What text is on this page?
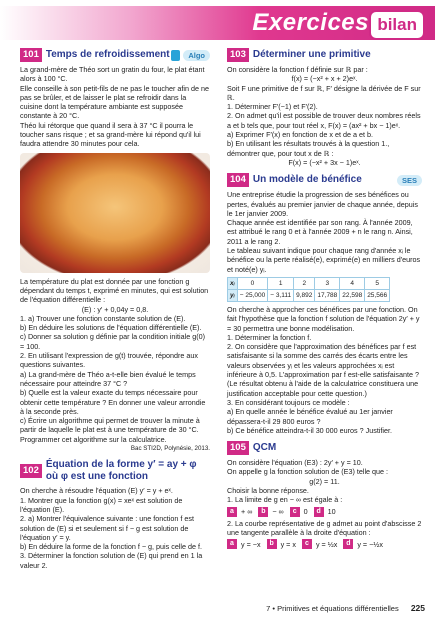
Exercices bilan
101 Temps de refroidissement	Algo

La grand-mère de Théo sort un gratin du four, le plat étant alors à 100 °C.

Elle conseille à son petit-fils de ne pas le toucher afin de ne pas se brûler, et de laisser le plat se refroidir dans la cuisine dont la température ambiante est supposée constante à 20 °C.

Théo lui rétorque que quand il sera à 37 °C il pourra le toucher sans risque ; et sa grand-mère lui répond qu'il lui faudra attendre 30 minutes pour cela.

La température du plat est donnée par une fonction g dépendant du temps t, exprimé en minutes, qui est solution de l'équation différentielle :

(E) : y′ + 0,04y = 0,8.

1. a) Trouver une fonction constante solution de (E).

b) En déduire les solutions de l'équation différentielle (E).

c) Donner sa solution g définie par la condition initiale g(0) = 100.

2. En utilisant l'expression de g(t) trouvée, répondre aux questions suivantes.

a) La grand-mère de Théo a-t-elle bien évalué le temps nécessaire pour atteindre 37 °C ?

b) Quelle est la valeur exacte du temps nécessaire pour obtenir cette température ? En donner une valeur arrondie à la seconde près.

c) Écrire un algorithme qui permet de trouver la minute à partir de laquelle le plat est à une température de 30 °C. Programmer cet algorithme sur la calculatrice.

Bac STI2D, Polynésie, 2013.

102
Équation de la forme y′ = ay + φ où φ est une fonction

On cherche à résoudre l'équation (E) y′ = y + eˣ.

1. Montrer que la fonction g(x) = xeˣ est solution de l'équation (E).

2. a) Montrer l'équivalence suivante : une fonction f est solution de (E) si et seulement si f − g est solution de l'équation y′ = y.

b) En déduire la forme de la fonction f − g, puis celle de f.

3. Déterminer la fonction solution de (E) qui prend en 1 la valeur 2.

103 Déterminer une primitive

On considère la fonction f définie sur ℝ par :

f(x) = (−x² + x + 2)eˣ.

Soit F une primitive de f sur ℝ, F′ désigne la dérivée de F sur ℝ.

1. Déterminer F′(−1) et F′(2).

2. On admet qu'il est possible de trouver deux nombres réels a et b tels que, pour tout réel x, F(x) = (ax² + bx − 1)eˣ.

a) Exprimer F′(x) en fonction de x et de a et b.

b) En utilisant les résultats trouvés à la question 1., démontrer que, pour tout x de ℝ :

F(x) = (−x² + 3x − 1)eˣ.

104 Un modèle de bénéfice	SES

Une entreprise étudie la progression de ses bénéfices ou pertes, évalués au premier janvier de chaque année, depuis le 1er janvier 2009.

Chaque année est identifiée par son rang. À l'année 2009, est attribué le rang 0 et à l'année 2009 + n le rang n. Ainsi, 2011 a le rang 2.

Le tableau suivant indique pour chaque rang d'année xᵢ le bénéfice ou la perte réalisé(e), exprimé(e) en milliers d'euros et noté(e) yᵢ.

xᵢ	0	1	2	3	4	5
yᵢ	− 25,000	− 3,111	9,892	17,788	22,598	25,566

On cherche à approcher ces bénéfices par une fonction. On fait l'hypothèse que la fonction f solution de l'équation 2y′ + y = 30 permettra une bonne modélisation.

1. Déterminer la fonction f.

2. On considère que l'approximation des bénéfices par f est satisfaisante si la somme des carrés des écarts entre les valeurs observées yᵢ et les valeurs approchées xᵢ est inférieure à 0,5. L'approximation par f est-elle satisfaisante ?

(Le résultat obtenu à l'aide de la calculatrice constituera une justification acceptable pour cette question.)

3. En considérant toujours ce modèle :

a) En quelle année le bénéfice évalué au 1er janvier dépassera-t-il 29 800 euros ?

b) Ce bénéfice atteindra-t-il 30 000 euros ? Justifier.

105 QCM

On considère l'équation (E3) : 2y′ + y = 10.

On appelle g la fonction solution de (E3) telle que :

g(2) = 11.

Choisir la bonne réponse.

1. La limite de g en − ∞ est égale à :

a + ∞	b − ∞	c 0	d 10

2. La courbe représentative de g admet au point d'abscisse 2 une tangente parallèle à la droite d'équation :

a y = −x	b y = x	c y = ½x	d y = −½x
7 • Primitives et équations différentielles 225
